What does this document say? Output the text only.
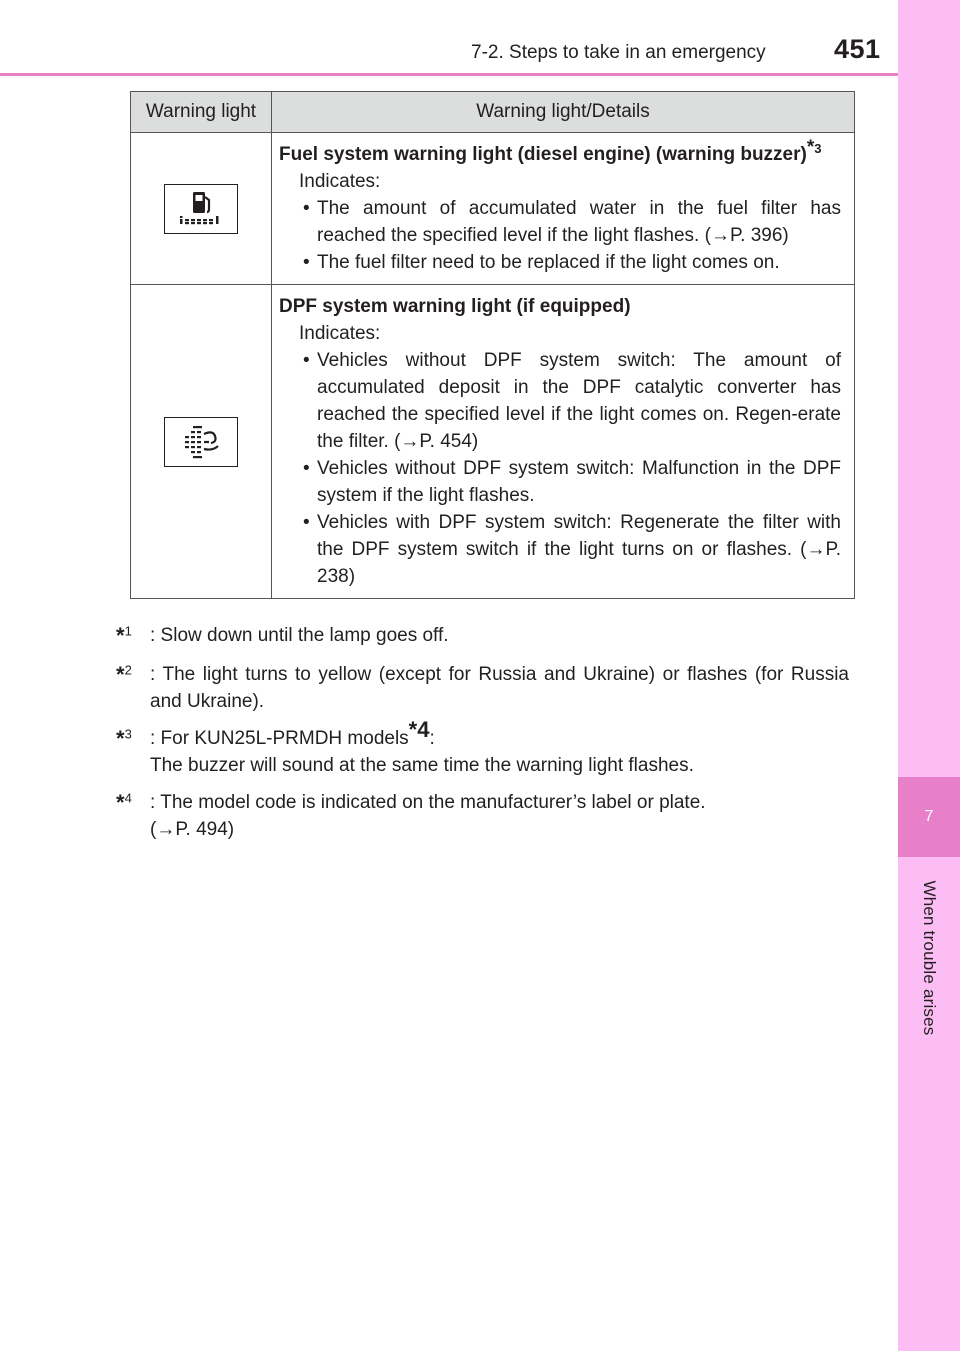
7
When trouble arises
7-2. Steps to take in an emergency	451
Warning light	Warning light/Details
Fuel system warning light (diesel engine) (warning buzzer)$^{*3}$
Indicates:
• The amount of accumulated water in the fuel filter has reached the specified level if the light flashes. (→P. 396)
• The fuel filter need to be replaced if the light comes on.
DPF system warning light (if equipped)
Indicates:
• Vehicles without DPF system switch: The amount of accumulated deposit in the DPF catalytic converter has reached the specified level if the light comes on. Regen-erate the filter. (→P. 454)
• Vehicles without DPF system switch: Malfunction in the DPF system if the light flashes.
• Vehicles with DPF system switch: Regenerate the filter with the DPF system switch if the light turns on or flashes. (→P. 238)
*$^1$ : Slow down until the lamp goes off.
*$^2$ : The light turns to yellow (except for Russia and Ukraine) or flashes (for Russia and Ukraine).
*$^3$ : For KUN25L-PRMDH models$^{*4}$:
The buzzer will sound at the same time the warning light flashes.
*$^4$ : The model code is indicated on the manufacturer’s label or plate.
(→P. 494)
